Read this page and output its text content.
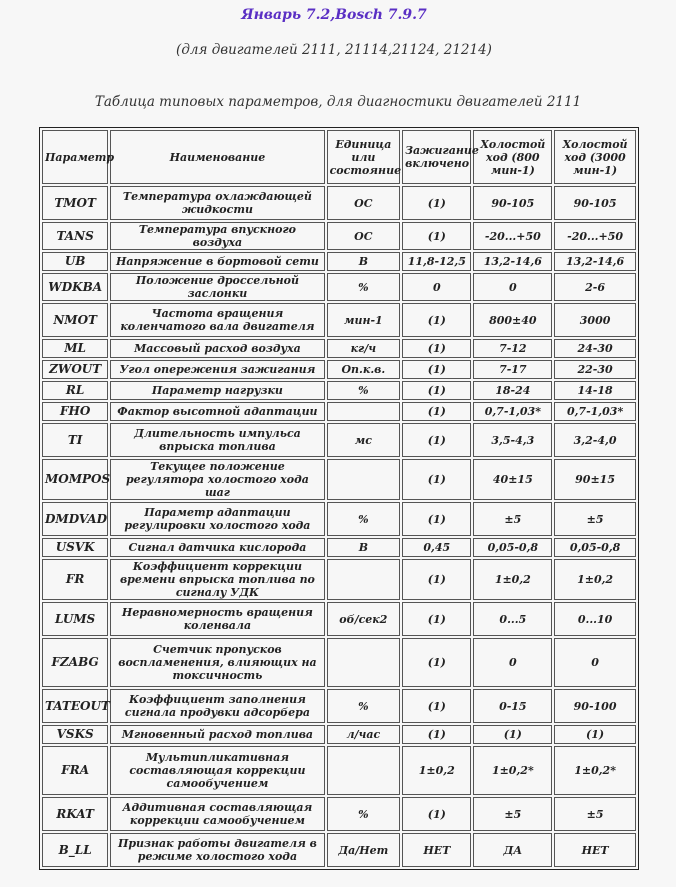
Январь 7.2,Bosch 7.9.7
(для двигателей 2111, 21114,21124, 21214)
Таблица типовых параметров, для диагностики двигателей 2111
Параметр	Наименование	Единица или состояние	Зажигание включено	Холостой ход (800 мин-1)	Холостой ход (3000 мин-1)
TMOT	Температура охлаждающей жидкости	ОС	(1)	90-105	90-105
TANS	Температура впускного воздуха	ОС	(1)	-20...+50	-20...+50
UB	Напряжение в бортовой сети	В	11,8-12,5	13,2-14,6	13,2-14,6
WDKBA	Положение дроссельной заслонки	%	0	0	2-6
NMOT	Частота вращения коленчатого вала двигателя	мин-1	(1)	800±40	3000
ML	Массовый расход воздуха	кг/ч	(1)	7-12	24-30
ZWOUT	Угол опережения зажигания	Оп.к.в.	(1)	7-17	22-30
RL	Параметр нагрузки	%	(1)	18-24	14-18
FHO	Фактор высотной адаптации		(1)	0,7-1,03*	0,7-1,03*
TI	Длительность импульса впрыска топлива	мс	(1)	3,5-4,3	3,2-4,0
MOMPOS	Текущее положение регулятора холостого хода шаг		(1)	40±15	90±15
DMDVAD	Параметр адаптации регулировки холостого хода	%	(1)	±5	±5
USVK	Сигнал датчика кислорода	В	0,45	0,05-0,8	0,05-0,8
FR	Коэффициент коррекции времени впрыска топлива по сигналу УДК		(1)	1±0,2	1±0,2
LUMS	Неравномерность вращения коленвала	об/сек2	(1)	0...5	0...10
FZABG	Счетчик пропусков воспламенения, влияющих на токсичность		(1)	0	0
TATEOUT	Коэффициент заполнения сигнала продувки адсорбера	%	(1)	0-15	90-100
VSKS	Мгновенный расход топлива	л/час	(1)	(1)	(1)
FRA	Мультипликативная составляющая коррекции самообучением		1±0,2	1±0,2*	1±0,2*
RKAT	Аддитивная составляющая коррекции самообучением	%	(1)	±5	±5
B_LL	Признак работы двигателя в режиме холостого хода	Да/Нет	НЕТ	ДА	НЕТ
